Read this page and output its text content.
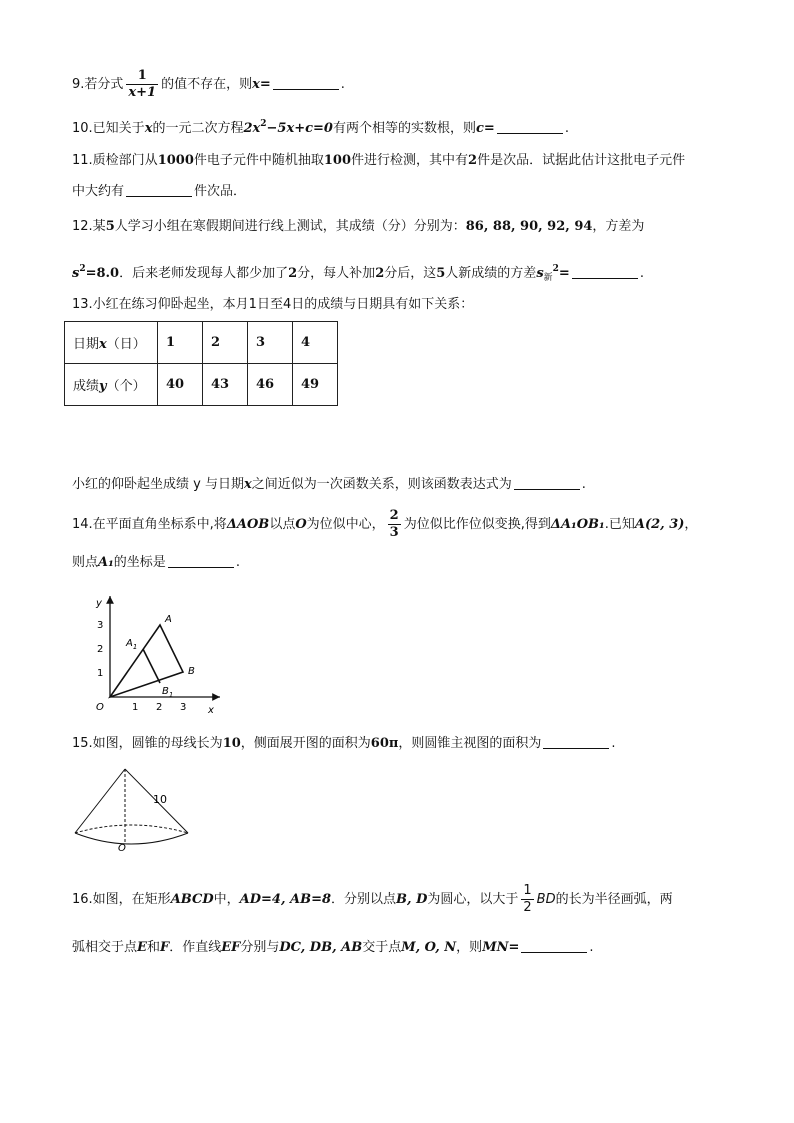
9.若分式 $\frac{1}{x+1}$ 的值不存在，则x=	.
10.已知关于x的一元二次方程$2x^2-5x+c=0$有两个相等的实数根，则c=	.
11.质检部门从1000件电子元件中随机抽取100件进行检测，其中有2件是次品．试据此估计这批电子元件
中大约有	件次品．
12.某5人学习小组在寒假期间进行线上测试，其成绩（分）分别为：86, 88, 90, 92, 94，方差为
$s^2=8.0$．后来老师发现每人都少加了2分，每人补加2分后，这5人新成绩的方差$s_新^2=$	.
13.小红在练习仰卧起坐，本月1日至4日的成绩与日期具有如下关系：
日期x（日）	1	2	3	4
成绩y（个）	40	43	46	49
小红的仰卧起坐成绩 y 与日期x之间近似为一次函数关系，则该函数表达式为	.
14.在平面直角坐标系中,将ΔAOB以点O为位似中心， $\frac{2}{3}$ 为位似比作位似变换,得到ΔA₁OB₁.已知A(2, 3)，
则点A₁的坐标是	.
y
x
O	1 2 3
1
2
3
A
$A_1$
B
$B_1$
15.如图，圆锥的母线长为10，侧面展开图的面积为60π，则圆锥主视图的面积为	.
10
O
16.如图，在矩形ABCD中，AD=4, AB=8．分别以点B, D为圆心，以大于 $\frac{1}{2}$ BD的长为半径画弧，两
弧相交于点E和F．作直线EF分别与DC, DB, AB交于点M, O, N，则MN=	.
